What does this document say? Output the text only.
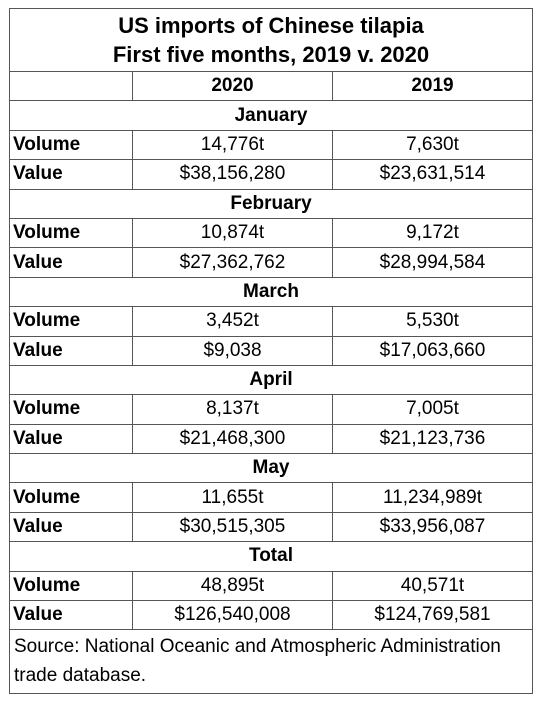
US imports of Chinese tilapia
First five months, 2019 v. 2020		

	2020	2019
January		
Volume	14,776t	7,630t
Value	$38,156,280	$23,631,514
February		
Volume	10,874t	9,172t
Value	$27,362,762	$28,994,584
March		
Volume	3,452t	5,530t
Value	$9,038	$17,063,660
April		
Volume	8,137t	7,005t
Value	$21,468,300	$21,123,736
May		
Volume	11,655t	11,234,989t
Value	$30,515,305	$33,956,087
Total		
Volume	48,895t	40,571t
Value	$126,540,008	$124,769,581
Source: National Oceanic and Atmospheric Administration trade database.		
